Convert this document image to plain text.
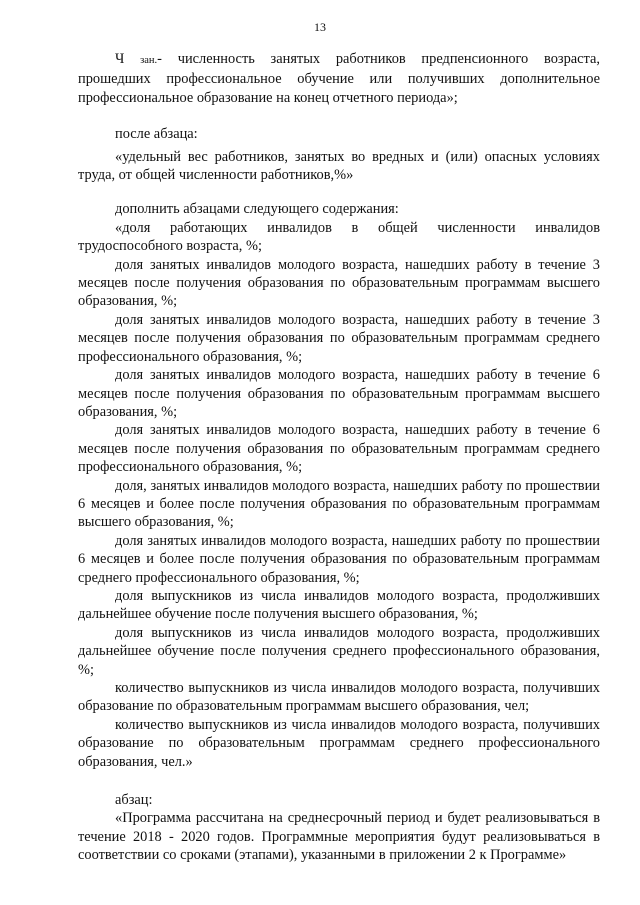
13

Ч зан.- численность занятых работников предпенсионного возраста, прошедших профессиональное обучение или получивших дополнительное профессиональное образование на конец отчетного периода»;

после абзаца:

«удельный вес работников, занятых во вредных и (или) опасных условиях труда, от общей численности работников,%»

дополнить абзацами следующего содержания:

«доля работающих инвалидов в общей численности инвалидов трудоспособного возраста, %;

доля занятых инвалидов молодого возраста, нашедших работу в течение 3 месяцев после получения образования по образовательным программам высшего образования, %;

доля занятых инвалидов молодого возраста, нашедших работу в течение 3 месяцев после получения образования по образовательным программам среднего профессионального образования, %;

доля занятых инвалидов молодого возраста, нашедших работу в течение 6 месяцев после получения образования по образовательным программам высшего образования, %;

доля занятых инвалидов молодого возраста, нашедших работу в течение 6 месяцев после получения образования по образовательным программам среднего профессионального образования, %;

доля, занятых инвалидов молодого возраста, нашедших работу по прошествии 6 месяцев и более после получения образования по образовательным программам высшего образования, %;

доля занятых инвалидов молодого возраста, нашедших работу по прошествии 6 месяцев и более после получения образования по образовательным программам среднего профессионального образования, %;

доля выпускников из числа инвалидов молодого возраста, продолживших дальнейшее обучение после получения высшего образования, %;

доля выпускников из числа инвалидов молодого возраста, продолживших дальнейшее обучение после получения среднего профессионального образования, %;

количество выпускников из числа инвалидов молодого возраста, получивших образование по образовательным программам высшего образования, чел;

количество выпускников из числа инвалидов молодого возраста, получивших образование по образовательным программам среднего профессионального образования, чел.»

абзац:

«Программа рассчитана на среднесрочный период и будет реализовываться в течение 2018 - 2020 годов. Программные мероприятия будут реализовываться в соответствии со сроками (этапами), указанными в приложении 2 к Программе»
